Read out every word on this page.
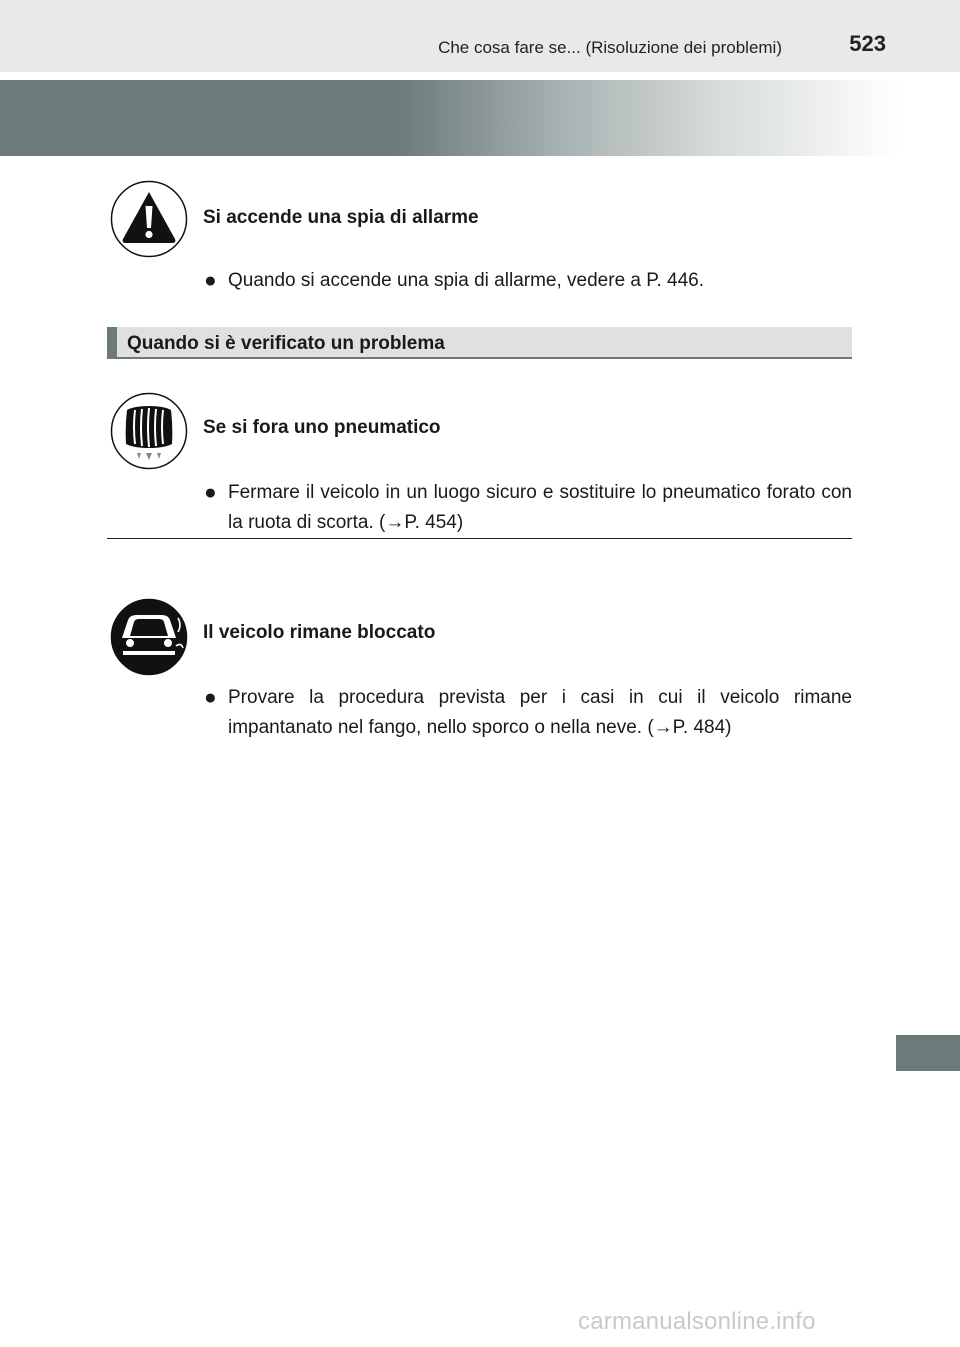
Che cosa fare se... (Risoluzione dei problemi)	523
Si accende una spia di allarme
● Quando si accende una spia di allarme, vedere a P. 446.
Quando si è verificato un problema
Se si fora uno pneumatico
● Fermare il veicolo in un luogo sicuro e sostituire lo pneumatico forato con la ruota di scorta. (→P. 454)
Il veicolo rimane bloccato
● Provare la procedura prevista per i casi in cui il veicolo rimane impantanato nel fango, nello sporco o nella neve. (→P. 484)
carmanualsonline.info
